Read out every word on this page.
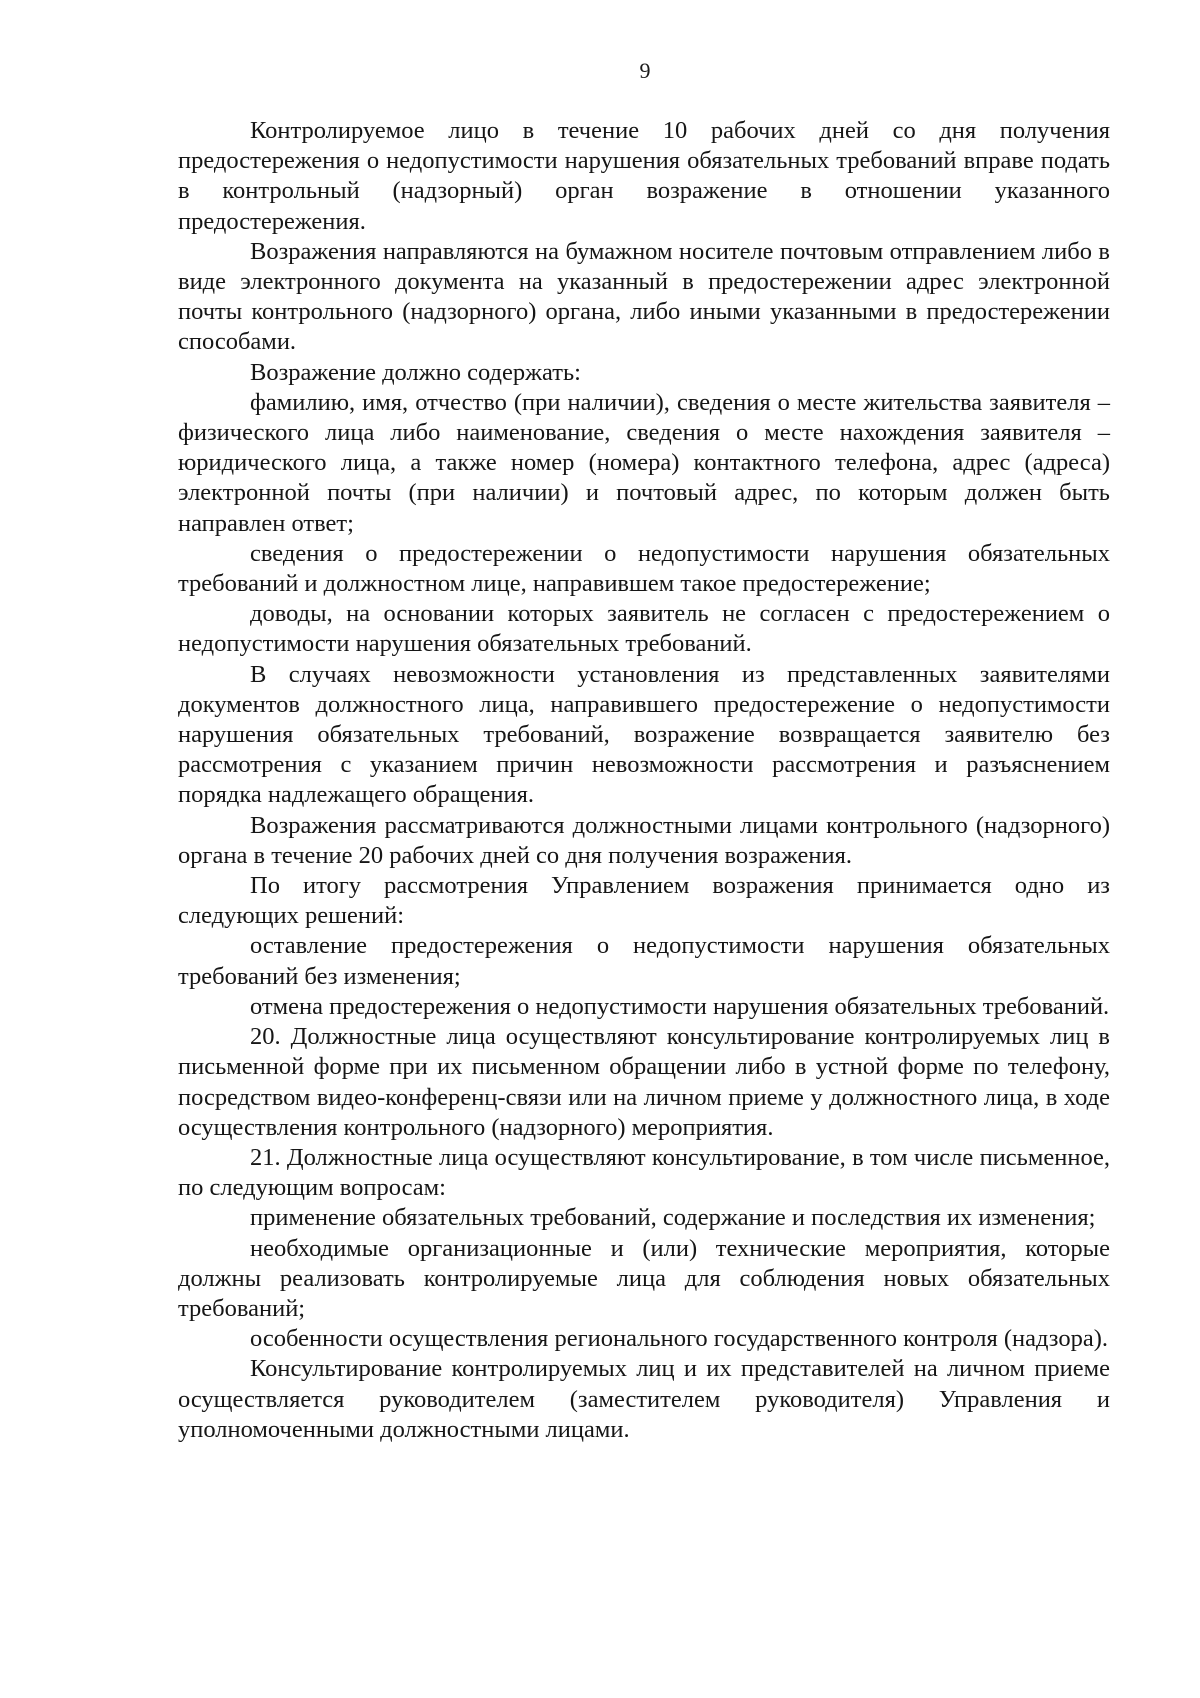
9

Контролируемое лицо в течение 10 рабочих дней со дня получения предостережения о недопустимости нарушения обязательных требований вправе подать в контрольный (надзорный) орган возражение в отношении указанного предостережения.

Возражения направляются на бумажном носителе почтовым отправлением либо в виде электронного документа на указанный в предостережении адрес электронной почты контрольного (надзорного) органа, либо иными указанными в предостережении способами.

Возражение должно содержать:

фамилию, имя, отчество (при наличии), сведения о месте жительства заявителя – физического лица либо наименование, сведения о месте нахождения заявителя – юридического лица, а также номер (номера) контактного телефона, адрес (адреса) электронной почты (при наличии) и почтовый адрес, по которым должен быть направлен ответ;

сведения о предостережении о недопустимости нарушения обязательных требований и должностном лице, направившем такое предостережение;

доводы, на основании которых заявитель не согласен с предостережением о недопустимости нарушения обязательных требований.

В случаях невозможности установления из представленных заявителями документов должностного лица, направившего предостережение о недопустимости нарушения обязательных требований, возражение возвращается заявителю без рассмотрения с указанием причин невозможности рассмотрения и разъяснением порядка надлежащего обращения.

Возражения рассматриваются должностными лицами контрольного (надзорного) органа в течение 20 рабочих дней со дня получения возражения.

По итогу рассмотрения Управлением возражения принимается одно из следующих решений:

оставление предостережения о недопустимости нарушения обязательных требований без изменения;

отмена предостережения о недопустимости нарушения обязательных требований.

20. Должностные лица осуществляют консультирование контролируемых лиц в письменной форме при их письменном обращении либо в устной форме по телефону, посредством видео-конференц-связи или на личном приеме у должностного лица, в ходе осуществления контрольного (надзорного) мероприятия.

21. Должностные лица осуществляют консультирование, в том числе письменное, по следующим вопросам:

применение обязательных требований, содержание и последствия их изменения;

необходимые организационные и (или) технические мероприятия, которые должны реализовать контролируемые лица для соблюдения новых обязательных требований;

особенности осуществления регионального государственного контроля (надзора).

Консультирование контролируемых лиц и их представителей на личном приеме осуществляется руководителем (заместителем руководителя) Управления и уполномоченными должностными лицами.
